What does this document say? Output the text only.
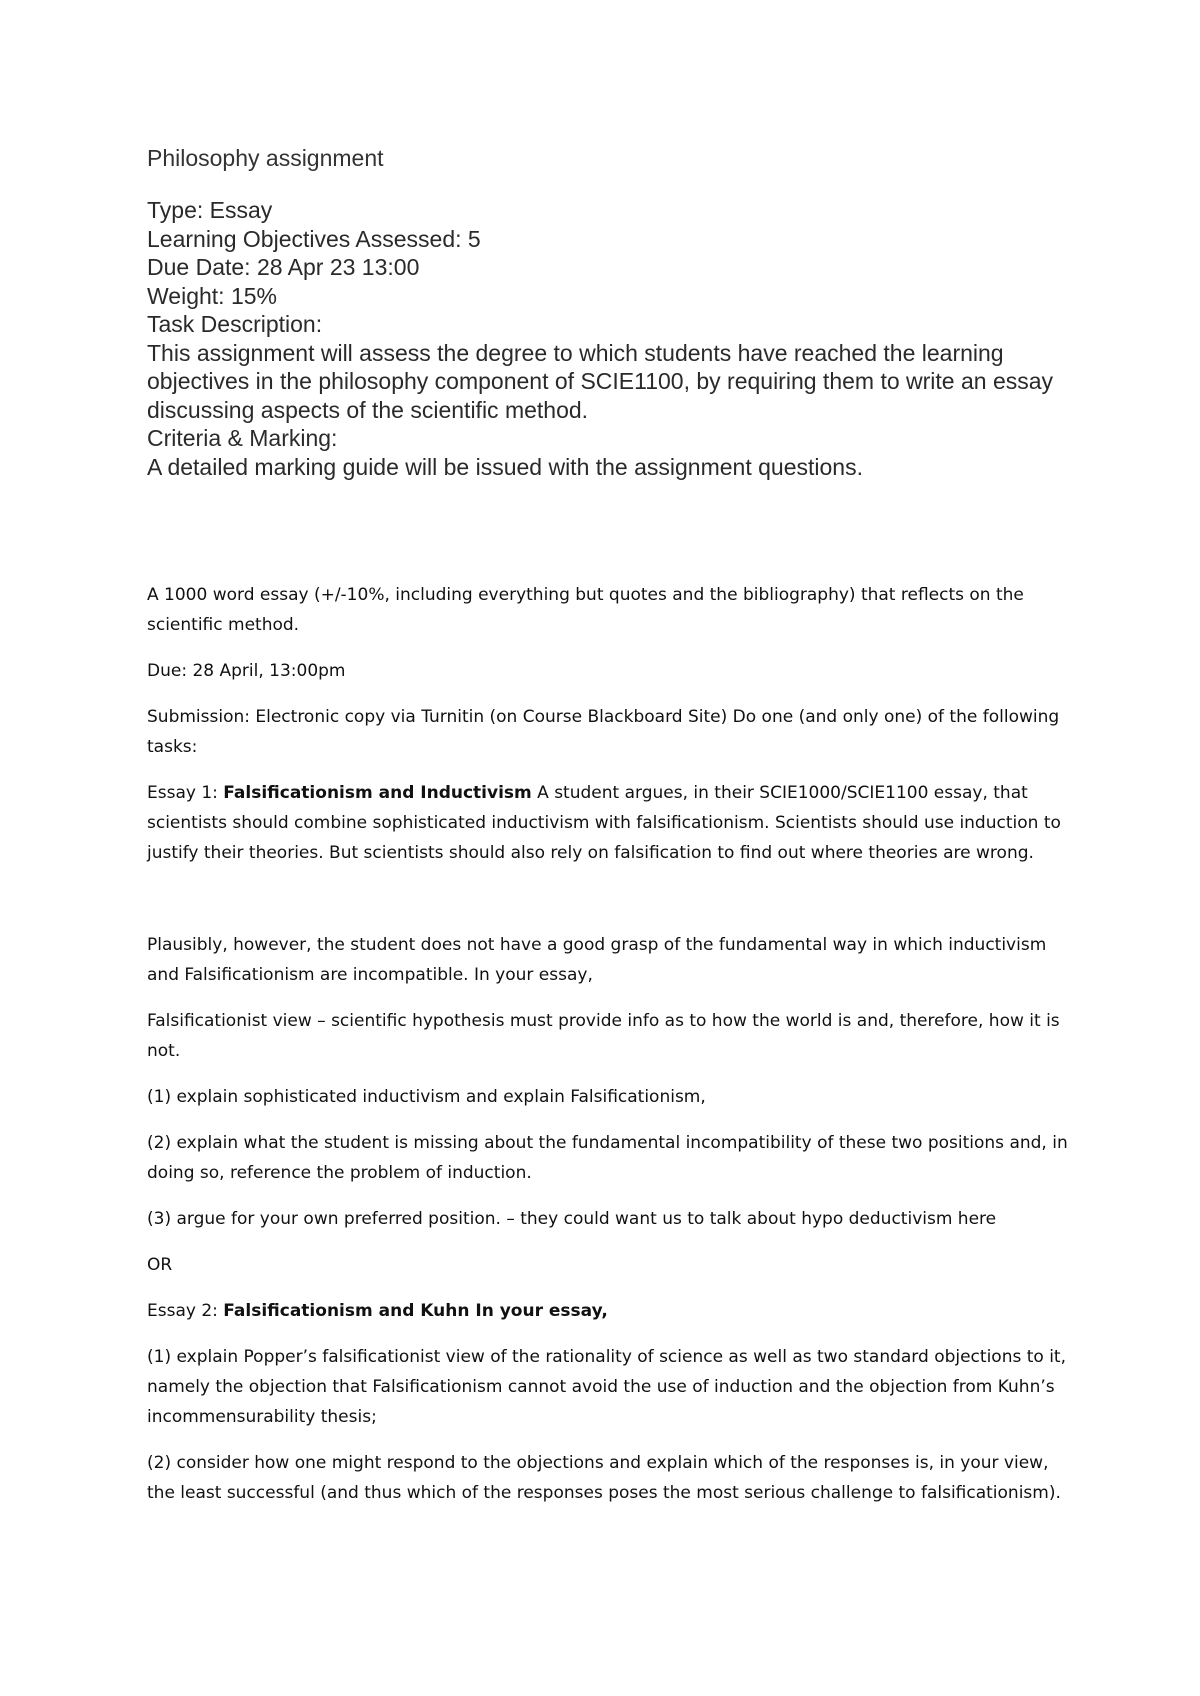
Philosophy assignment

Type: Essay

Learning Objectives Assessed: 5

Due Date: 28 Apr 23 13:00

Weight: 15%

Task Description:

This assignment will assess the degree to which students have reached the learning objectives in the philosophy component of SCIE1100, by requiring them to write an essay discussing aspects of the scientific method.

Criteria & Marking:

A detailed marking guide will be issued with the assignment questions.

A 1000 word essay (+/-10%, including everything but quotes and the bibliography) that reflects on the scientific method.

Due: 28 April, 13:00pm

Submission: Electronic copy via Turnitin (on Course Blackboard Site) Do one (and only one) of the following tasks:

Essay 1: Falsificationism and Inductivism A student argues, in their SCIE1000/SCIE1100 essay, that scientists should combine sophisticated inductivism with falsificationism. Scientists should use induction to justify their theories. But scientists should also rely on falsification to find out where theories are wrong.

Plausibly, however, the student does not have a good grasp of the fundamental way in which inductivism and Falsificationism are incompatible. In your essay,

Falsificationist view – scientific hypothesis must provide info as to how the world is and, therefore, how it is not.

(1) explain sophisticated inductivism and explain Falsificationism,

(2) explain what the student is missing about the fundamental incompatibility of these two positions and, in doing so, reference the problem of induction.

(3) argue for your own preferred position. – they could want us to talk about hypo deductivism here

OR

Essay 2: Falsificationism and Kuhn In your essay,

(1) explain Popper’s falsificationist view of the rationality of science as well as two standard objections to it, namely the objection that Falsificationism cannot avoid the use of induction and the objection from Kuhn’s incommensurability thesis;

(2) consider how one might respond to the objections and explain which of the responses is, in your view, the least successful (and thus which of the responses poses the most serious challenge to falsificationism).
